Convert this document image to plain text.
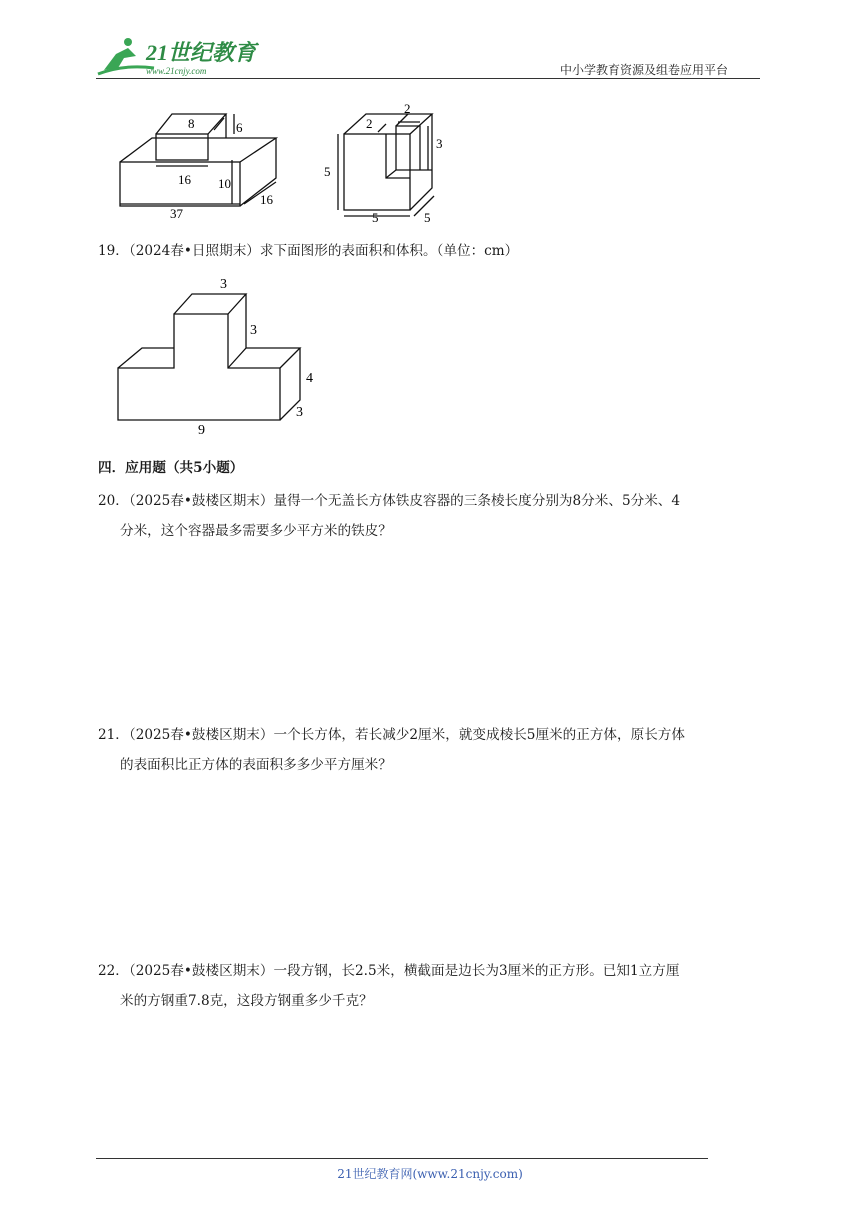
21世纪教育
www.21cnjy.com	中小学教育资源及组卷应用平台
8	6
16 10
37
16
2
2
3
5
5	5
19．（2024春•日照期末）求下面图形的表面积和体积。（单位：cm）
3
3
4
9
3
四．应用题（共5小题）
20．（2025春•鼓楼区期末）量得一个无盖长方体铁皮容器的三条棱长度分别为8分米、5分米、4
分米，这个容器最多需要多少平方米的铁皮？
21．（2025春•鼓楼区期末）一个长方体，若长减少2厘米，就变成棱长5厘米的正方体，原长方体
的表面积比正方体的表面积多多少平方厘米？
22．（2025春•鼓楼区期末）一段方钢，长2.5米，横截面是边长为3厘米的正方形。已知1立方厘
米的方钢重7.8克，这段方钢重多少千克？
21世纪教育网(www.21cnjy.com)
